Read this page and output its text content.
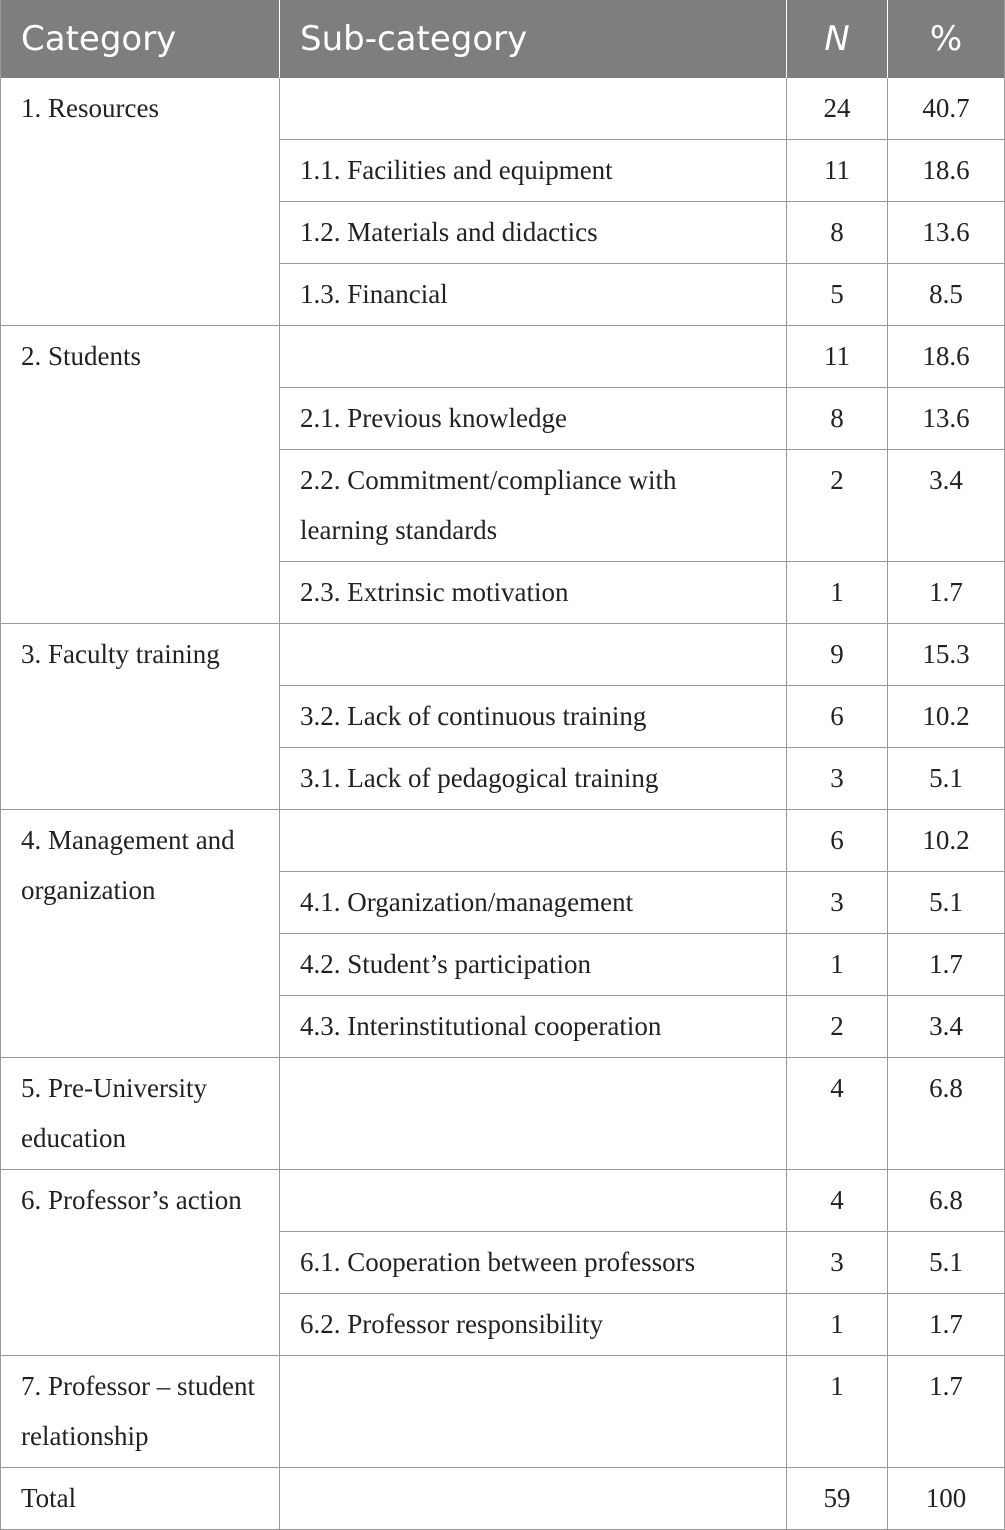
Category	Sub-category	N	%
1. Resources		24	40.7
	1.1. Facilities and equipment	11	18.6
	1.2. Materials and didactics	8	13.6
	1.3. Financial	5	8.5
2. Students		11	18.6
	2.1. Previous knowledge	8	13.6
	2.2. Commitment/compliance with learning standards	2	3.4
	2.3. Extrinsic motivation	1	1.7
3. Faculty training		9	15.3
	3.2. Lack of continuous training	6	10.2
	3.1. Lack of pedagogical training	3	5.1
4. Management and organization		6	10.2
	4.1. Organization/management	3	5.1
	4.2. Student’s participation	1	1.7
	4.3. Interinstitutional cooperation	2	3.4
5. Pre-University education		4	6.8
6. Professor’s action		4	6.8
	6.1. Cooperation between professors	3	5.1
	6.2. Professor responsibility	1	1.7
7. Professor – student relationship		1	1.7
Total		59	100
